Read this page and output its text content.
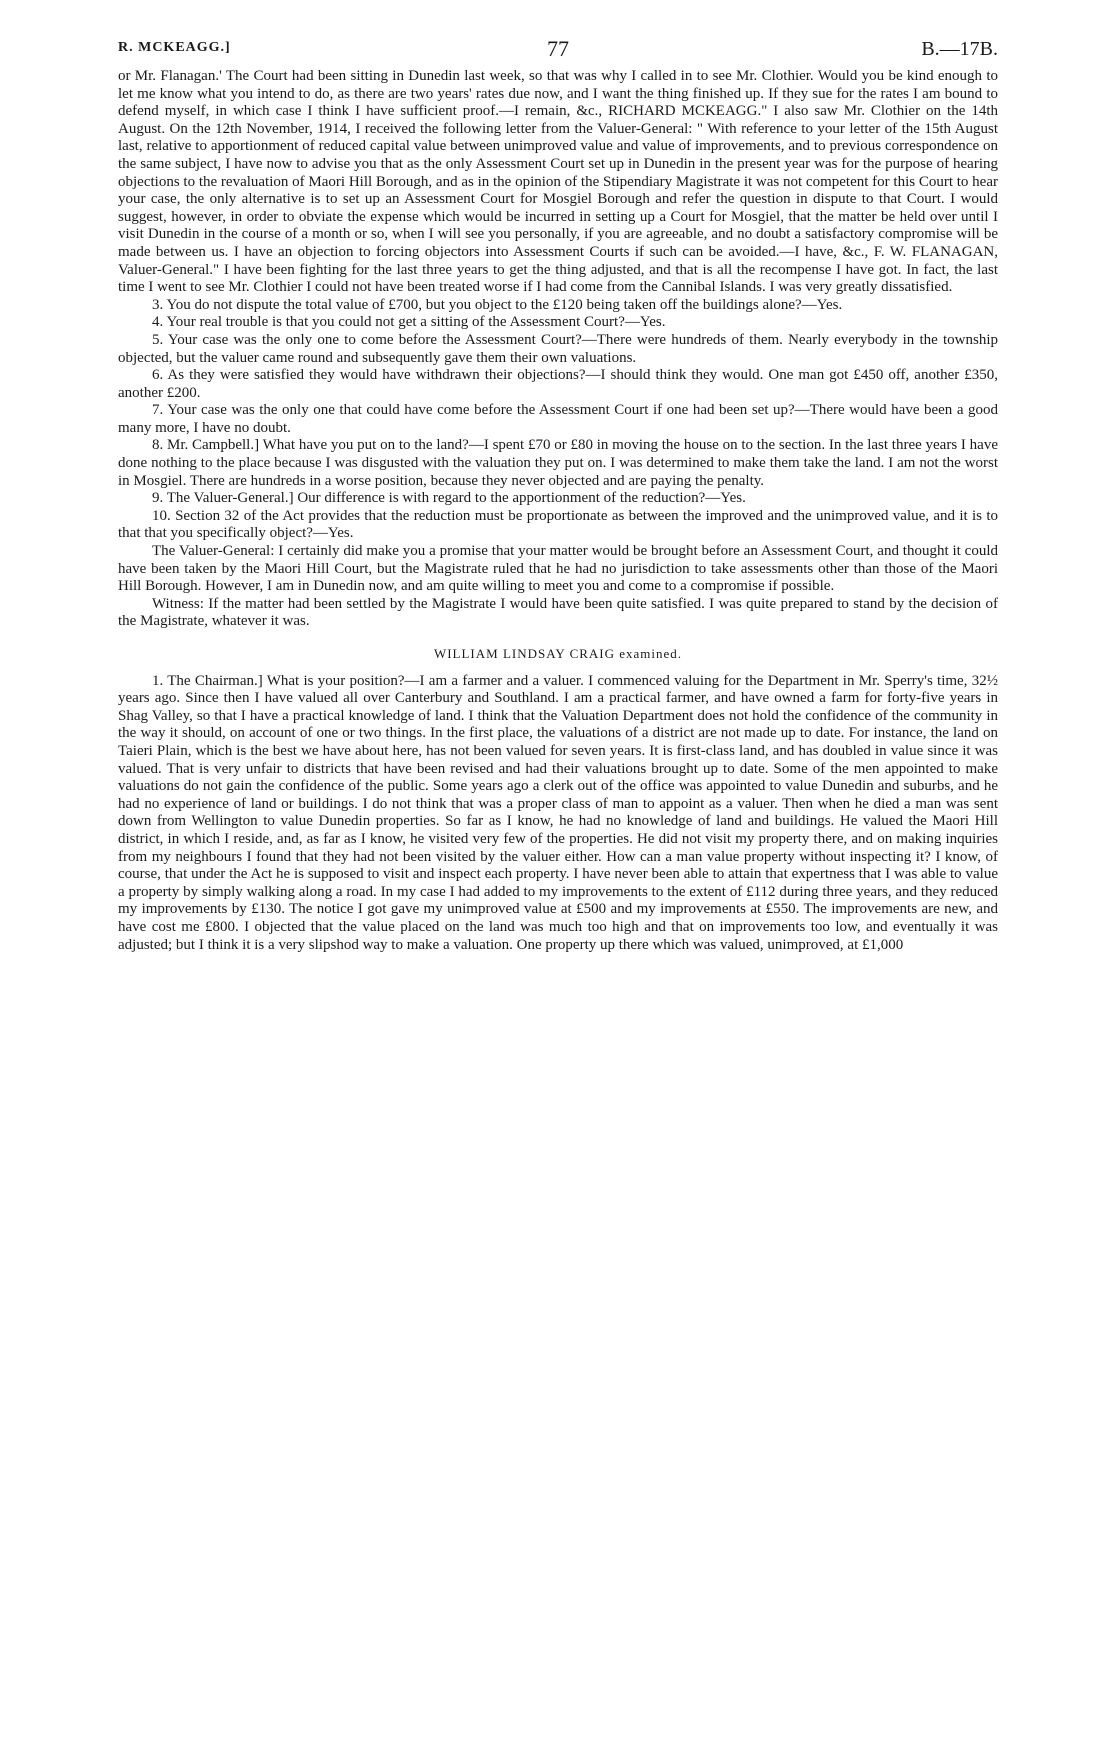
R. MCKEAGG.]	77	B.—17B.

or Mr. Flanagan.' The Court had been sitting in Dunedin last week, so that was why I called in to see Mr. Clothier. Would you be kind enough to let me know what you intend to do, as there are two years' rates due now, and I want the thing finished up. If they sue for the rates I am bound to defend myself, in which case I think I have sufficient proof.—I remain, &c., RICHARD MCKEAGG." I also saw Mr. Clothier on the 14th August. On the 12th November, 1914, I received the following letter from the Valuer-General: " With reference to your letter of the 15th August last, relative to apportionment of reduced capital value between unimproved value and value of improvements, and to previous correspondence on the same subject, I have now to advise you that as the only Assessment Court set up in Dunedin in the present year was for the purpose of hearing objections to the revaluation of Maori Hill Borough, and as in the opinion of the Stipendiary Magistrate it was not competent for this Court to hear your case, the only alternative is to set up an Assessment Court for Mosgiel Borough and refer the question in dispute to that Court. I would suggest, however, in order to obviate the expense which would be incurred in setting up a Court for Mosgiel, that the matter be held over until I visit Dunedin in the course of a month or so, when I will see you personally, if you are agreeable, and no doubt a satisfactory compromise will be made between us. I have an objection to forcing objectors into Assessment Courts if such can be avoided.—I have, &c., F. W. FLANAGAN, Valuer-General." I have been fighting for the last three years to get the thing adjusted, and that is all the recompense I have got. In fact, the last time I went to see Mr. Clothier I could not have been treated worse if I had come from the Cannibal Islands. I was very greatly dissatisfied.

3. You do not dispute the total value of £700, but you object to the £120 being taken off the buildings alone?—Yes.

4. Your real trouble is that you could not get a sitting of the Assessment Court?—Yes.

5. Your case was the only one to come before the Assessment Court?—There were hundreds of them. Nearly everybody in the township objected, but the valuer came round and subsequently gave them their own valuations.

6. As they were satisfied they would have withdrawn their objections?—I should think they would. One man got £450 off, another £350, another £200.

7. Your case was the only one that could have come before the Assessment Court if one had been set up?—There would have been a good many more, I have no doubt.

8. Mr. Campbell.] What have you put on to the land?—I spent £70 or £80 in moving the house on to the section. In the last three years I have done nothing to the place because I was disgusted with the valuation they put on. I was determined to make them take the land. I am not the worst in Mosgiel. There are hundreds in a worse position, because they never objected and are paying the penalty.

9. The Valuer-General.] Our difference is with regard to the apportionment of the reduction?—Yes.

10. Section 32 of the Act provides that the reduction must be proportionate as between the improved and the unimproved value, and it is to that that you specifically object?—Yes.

The Valuer-General: I certainly did make you a promise that your matter would be brought before an Assessment Court, and thought it could have been taken by the Maori Hill Court, but the Magistrate ruled that he had no jurisdiction to take assessments other than those of the Maori Hill Borough. However, I am in Dunedin now, and am quite willing to meet you and come to a compromise if possible.

Witness: If the matter had been settled by the Magistrate I would have been quite satisfied. I was quite prepared to stand by the decision of the Magistrate, whatever it was.

WILLIAM LINDSAY CRAIG examined.

1. The Chairman.] What is your position?—I am a farmer and a valuer. I commenced valuing for the Department in Mr. Sperry's time, 32½ years ago. Since then I have valued all over Canterbury and Southland. I am a practical farmer, and have owned a farm for forty-five years in Shag Valley, so that I have a practical knowledge of land. I think that the Valuation Department does not hold the confidence of the community in the way it should, on account of one or two things. In the first place, the valuations of a district are not made up to date. For instance, the land on Taieri Plain, which is the best we have about here, has not been valued for seven years. It is first-class land, and has doubled in value since it was valued. That is very unfair to districts that have been revised and had their valuations brought up to date. Some of the men appointed to make valuations do not gain the confidence of the public. Some years ago a clerk out of the office was appointed to value Dunedin and suburbs, and he had no experience of land or buildings. I do not think that was a proper class of man to appoint as a valuer. Then when he died a man was sent down from Wellington to value Dunedin properties. So far as I know, he had no knowledge of land and buildings. He valued the Maori Hill district, in which I reside, and, as far as I know, he visited very few of the properties. He did not visit my property there, and on making inquiries from my neighbours I found that they had not been visited by the valuer either. How can a man value property without inspecting it? I know, of course, that under the Act he is supposed to visit and inspect each property. I have never been able to attain that expertness that I was able to value a property by simply walking along a road. In my case I had added to my improvements to the extent of £112 during three years, and they reduced my improvements by £130. The notice I got gave my unimproved value at £500 and my improvements at £550. The improvements are new, and have cost me £800. I objected that the value placed on the land was much too high and that on improvements too low, and eventually it was adjusted; but I think it is a very slipshod way to make a valuation. One property up there which was valued, unimproved, at £1,000
